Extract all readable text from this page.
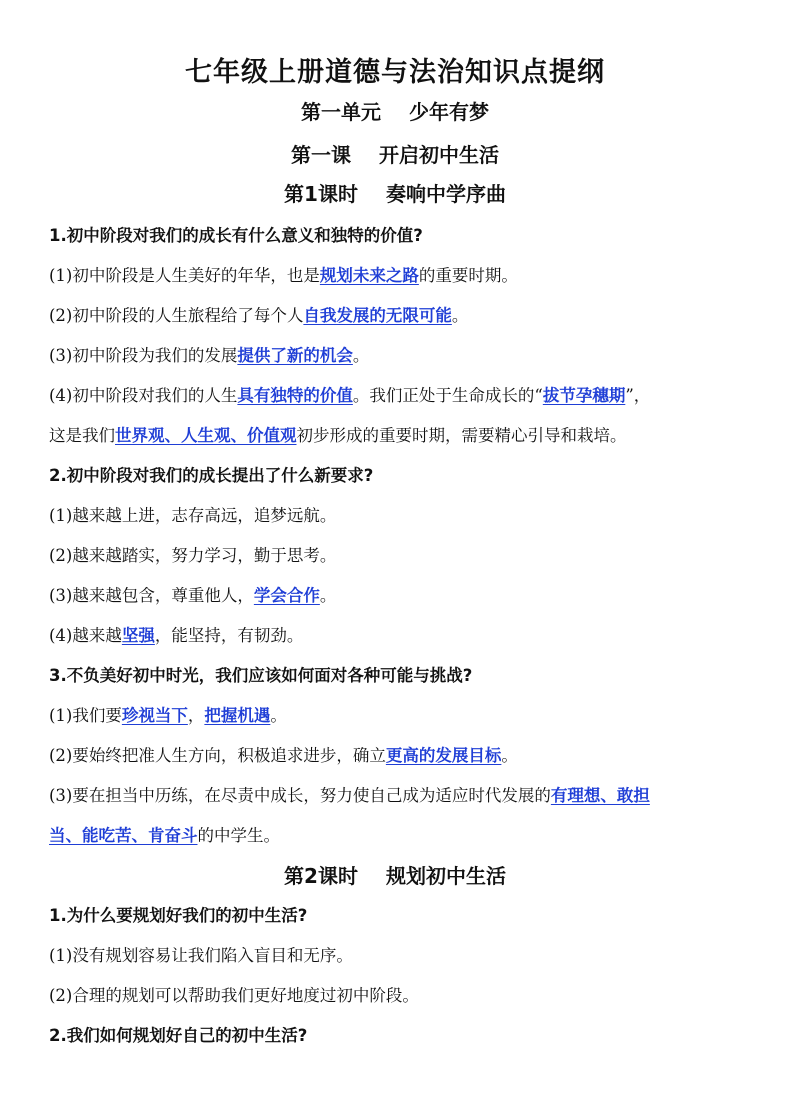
七年级上册道德与法治知识点提纲
第一单元 少年有梦
第一课 开启初中生活
第1课时 奏响中学序曲
1.初中阶段对我们的成长有什么意义和独特的价值?
(1)初中阶段是人生美好的年华，也是规划未来之路的重要时期。
(2)初中阶段的人生旅程给了每个人自我发展的无限可能。
(3)初中阶段为我们的发展提供了新的机会。
(4)初中阶段对我们的人生具有独特的价值。我们正处于生命成长的“拔节孕穗期”，
这是我们世界观、人生观、价值观初步形成的重要时期，需要精心引导和栽培。
2.初中阶段对我们的成长提出了什么新要求?
(1)越来越上进，志存高远，追梦远航。
(2)越来越踏实，努力学习，勤于思考。
(3)越来越包含，尊重他人，学会合作。
(4)越来越坚强，能坚持，有韧劲。
3.不负美好初中时光，我们应该如何面对各种可能与挑战?
(1)我们要珍视当下，把握机遇。
(2)要始终把准人生方向，积极追求进步，确立更高的发展目标。
(3)要在担当中历练，在尽责中成长，努力使自己成为适应时代发展的有理想、敢担
当、能吃苦、肯奋斗的中学生。
第2课时 规划初中生活
1.为什么要规划好我们的初中生活?
(1)没有规划容易让我们陷入盲目和无序。
(2)合理的规划可以帮助我们更好地度过初中阶段。
2.我们如何规划好自己的初中生活?
